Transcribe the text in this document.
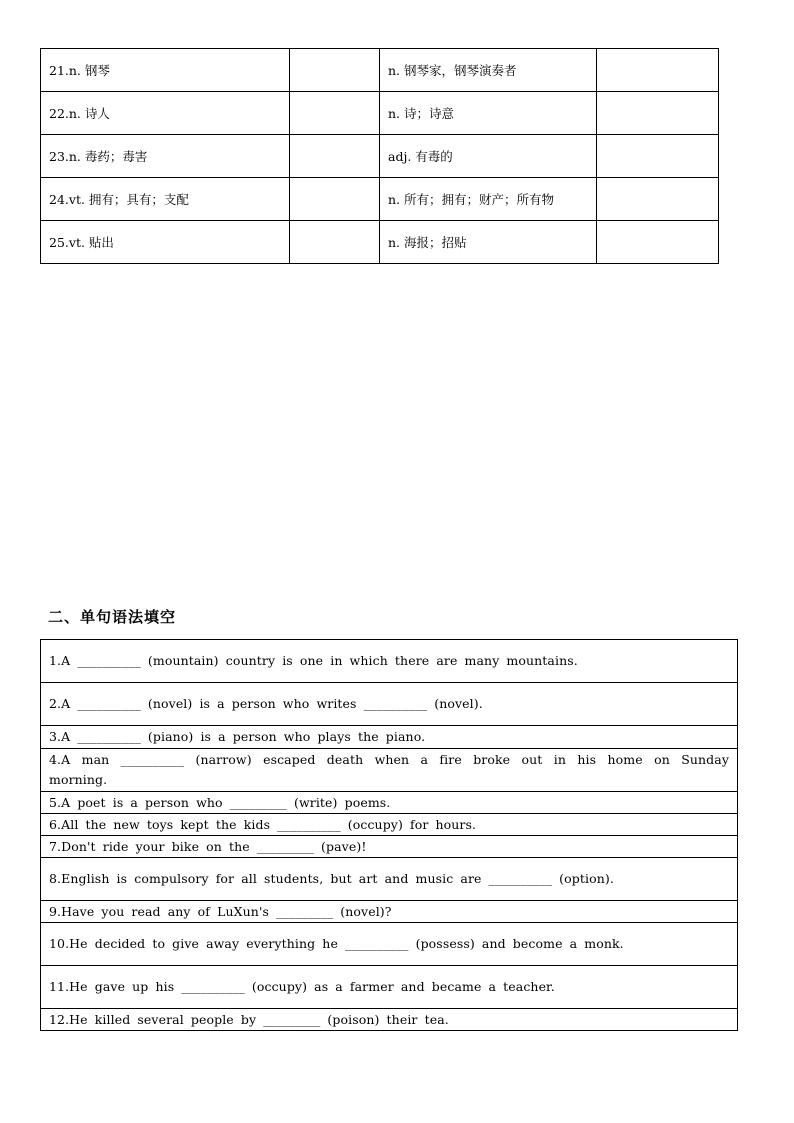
21.n. 钢琴		n. 钢琴家，钢琴演奏者	
22.n. 诗人		n. 诗；诗意	
23.n. 毒药；毒害		adj. 有毒的	
24.vt. 拥有；具有；支配		n. 所有；拥有；财产；所有物	
25.vt. 贴出		n. 海报；招贴	
二、单句语法填空
1.A __________ (mountain) country is one in which there are many mountains.
2.A __________ (novel) is a person who writes __________ (novel).
3.A __________ (piano) is a person who plays the piano.
4.A man __________ (narrow) escaped death when a fire broke out in his home on Sunday morning.
5.A poet is a person who _________ (write) poems.
6.All the new toys kept the kids __________ (occupy) for hours.
7.Don't ride your bike on the _________ (pave)!
8.English is compulsory for all students, but art and music are __________ (option).
9.Have you read any of LuXun's _________ (novel)?
10.He decided to give away everything he __________ (possess) and become a monk.
11.He gave up his __________ (occupy) as a farmer and became a teacher.
12.He killed several people by _________ (poison) their tea.
